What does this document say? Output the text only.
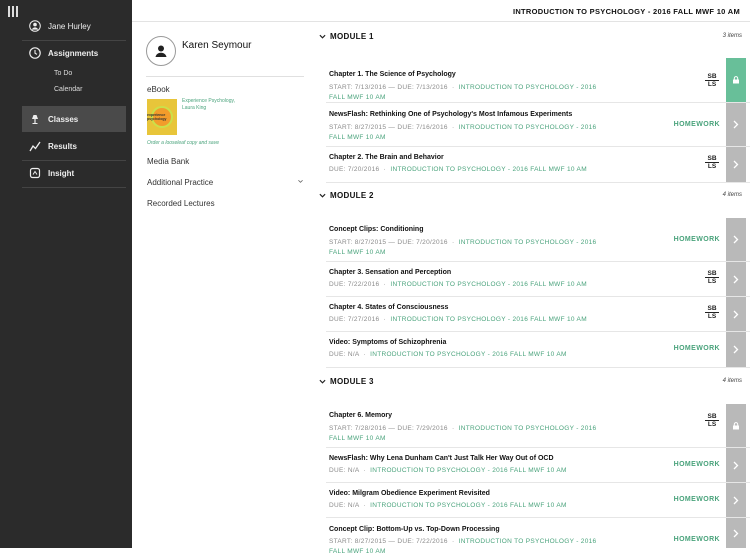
Jane Hurley
Assignments
To Do
Calendar
Classes
Results
Insight
INTRODUCTION TO PSYCHOLOGY - 2016 FALL MWF 10 AM
Karen Seymour
eBook
experience psychology
Experience Psychology,
Laura King
Order a looseleaf copy and save
Media Bank
Additional Practice
Recorded Lectures
MODULE 1	3 items
Chapter 1. The Science of Psychology
START: 7/13/2016 — DUE: 7/13/2016  ·  INTRODUCTION TO PSYCHOLOGY - 2016 FALL MWF 10 AM
SB
LS
NewsFlash: Rethinking One of Psychology's Most Infamous Experiments
START: 8/27/2015 — DUE: 7/16/2016  ·  INTRODUCTION TO PSYCHOLOGY - 2016 FALL MWF 10 AM
HOMEWORK
Chapter 2. The Brain and Behavior
DUE: 7/20/2016  ·  INTRODUCTION TO PSYCHOLOGY - 2016 FALL MWF 10 AM
SB
LS
MODULE 2	4 items
Concept Clips: Conditioning
START: 8/27/2015 — DUE: 7/20/2016  ·  INTRODUCTION TO PSYCHOLOGY - 2016 FALL MWF 10 AM
HOMEWORK
Chapter 3. Sensation and Perception
DUE: 7/22/2016  ·  INTRODUCTION TO PSYCHOLOGY - 2016 FALL MWF 10 AM
SB
LS
Chapter 4. States of Consciousness
DUE: 7/27/2016  ·  INTRODUCTION TO PSYCHOLOGY - 2016 FALL MWF 10 AM
SB
LS
Video: Symptoms of Schizophrenia
DUE: N/A  ·  INTRODUCTION TO PSYCHOLOGY - 2016 FALL MWF 10 AM
HOMEWORK
MODULE 3	4 items
Chapter 6. Memory
START: 7/28/2016 — DUE: 7/29/2016  ·  INTRODUCTION TO PSYCHOLOGY - 2016 FALL MWF 10 AM
SB
LS
NewsFlash: Why Lena Dunham Can't Just Talk Her Way Out of OCD
DUE: N/A  ·  INTRODUCTION TO PSYCHOLOGY - 2016 FALL MWF 10 AM
HOMEWORK
Video: Milgram Obedience Experiment Revisited
DUE: N/A  ·  INTRODUCTION TO PSYCHOLOGY - 2016 FALL MWF 10 AM
HOMEWORK
Concept Clip: Bottom-Up vs. Top-Down Processing
START: 8/27/2015 — DUE: 7/22/2016  ·  INTRODUCTION TO PSYCHOLOGY - 2016 FALL MWF 10 AM
HOMEWORK
